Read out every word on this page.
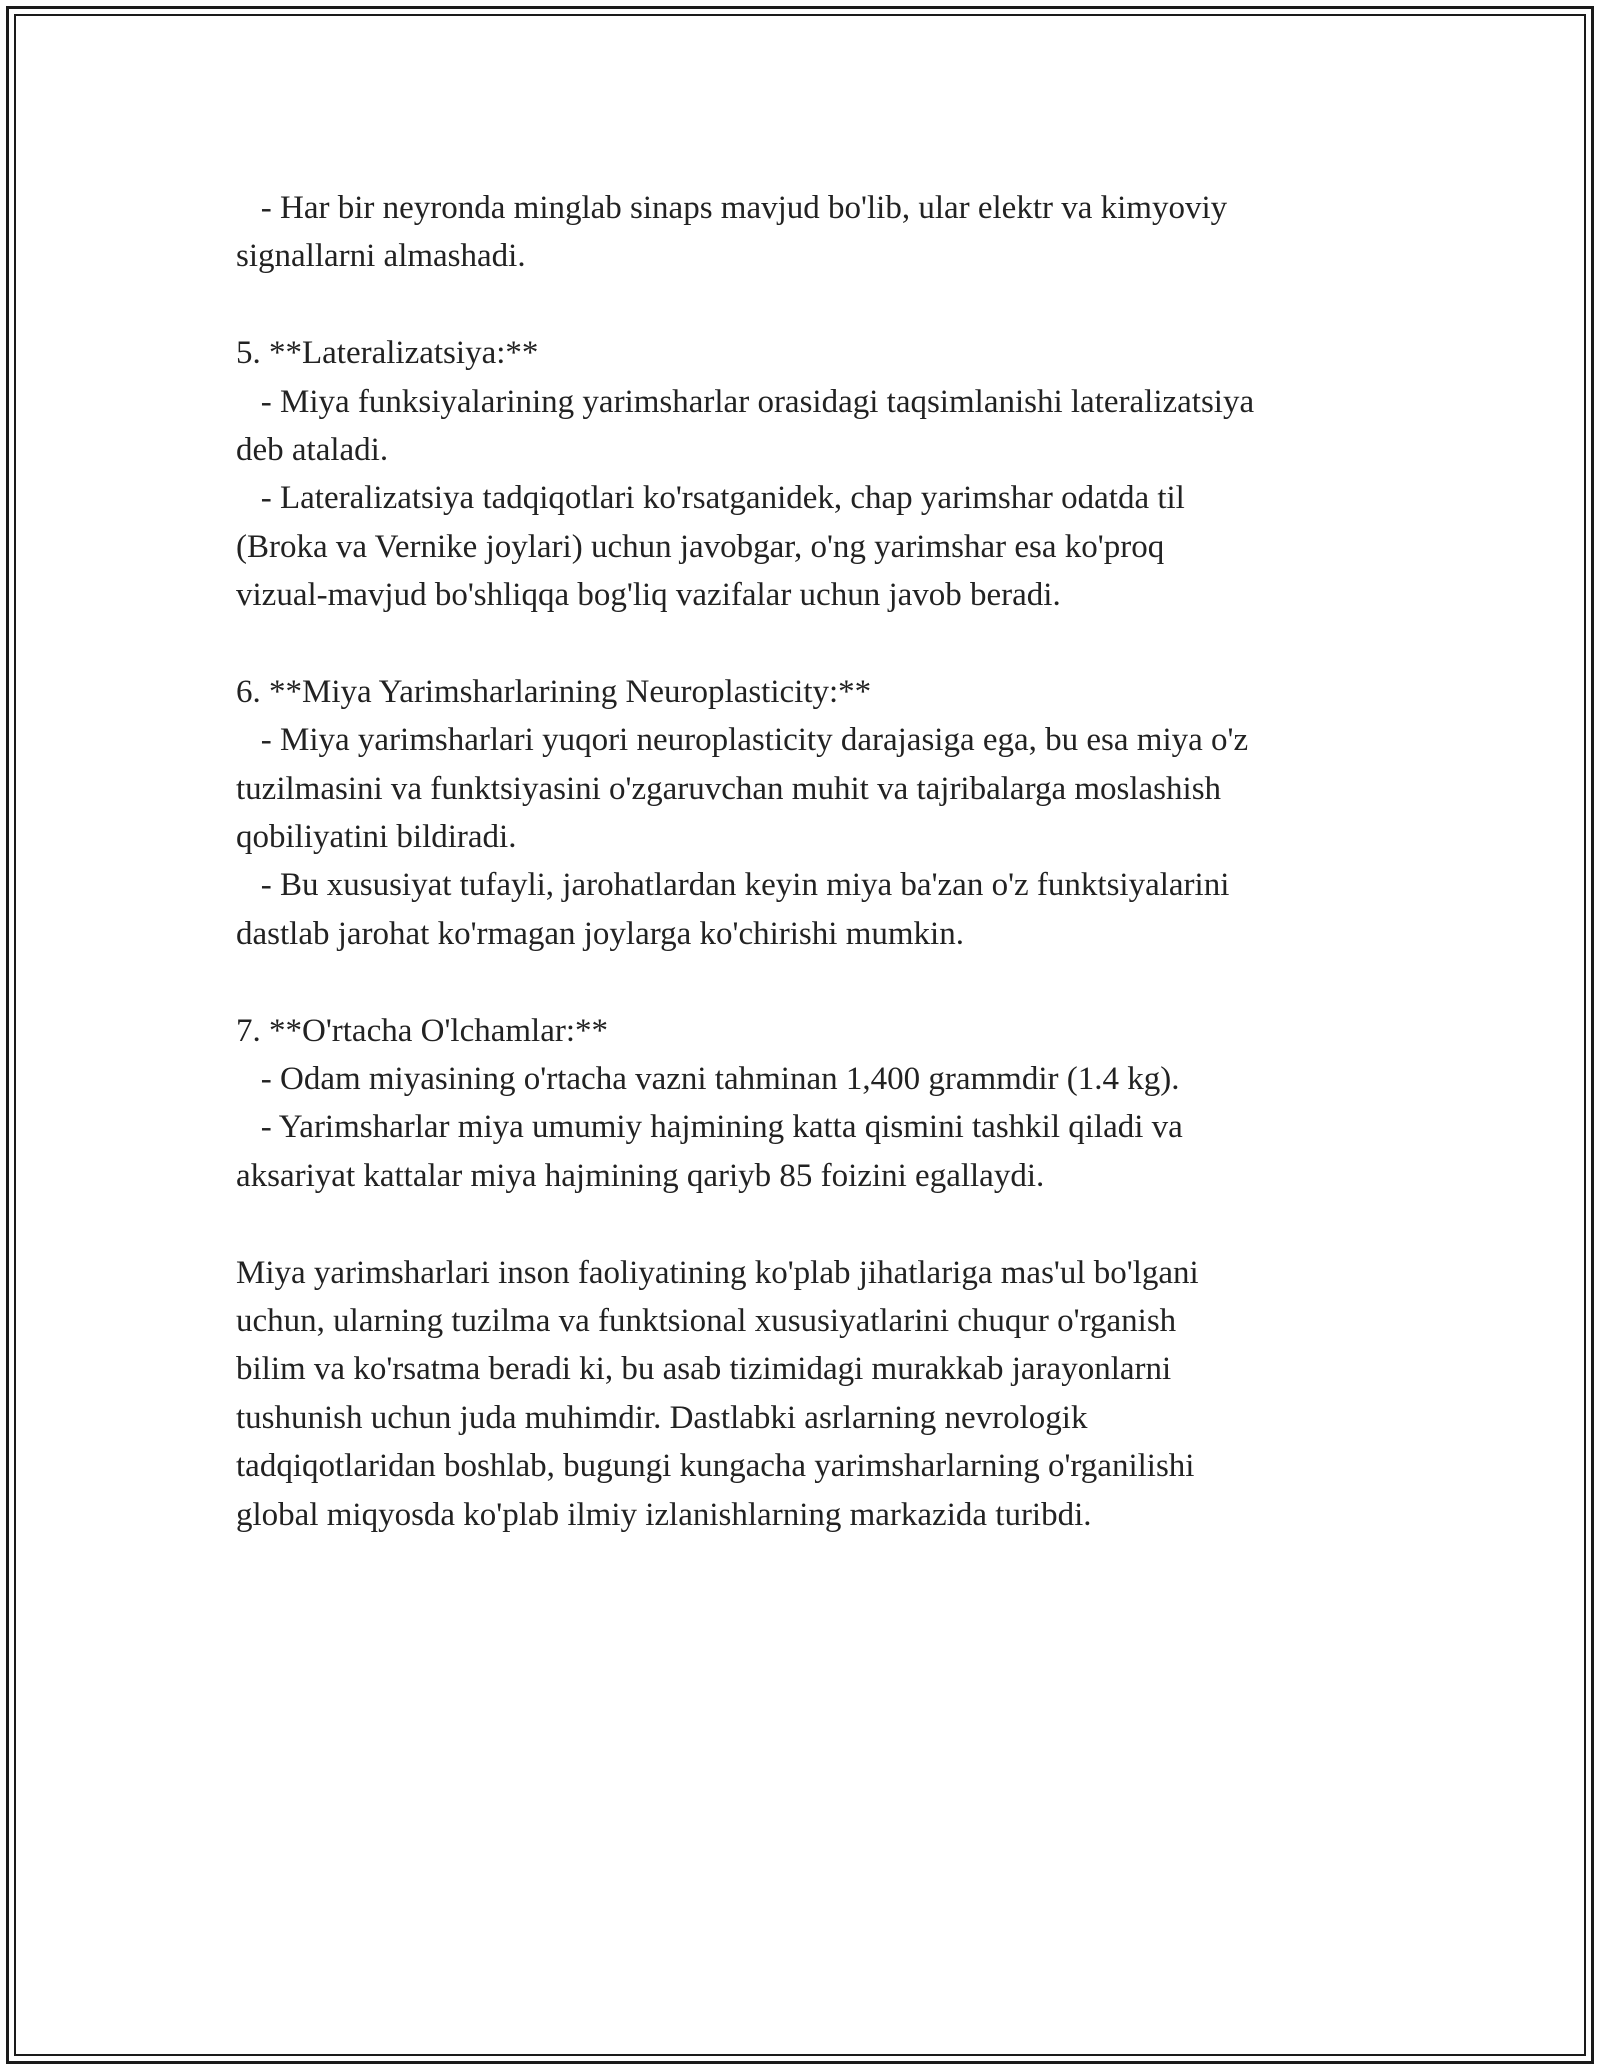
- Har bir neyronda minglab sinaps mavjud bo'lib, ular elektr va kimyoviy
signallarni almashadi.
5. **Lateralizatsiya:**
- Miya funksiyalarining yarimsharlar orasidagi taqsimlanishi lateralizatsiya
deb ataladi.
- Lateralizatsiya tadqiqotlari ko'rsatganidek, chap yarimshar odatda til
(Broka va Vernike joylari) uchun javobgar, o'ng yarimshar esa ko'proq
vizual-mavjud bo'shliqqa bog'liq vazifalar uchun javob beradi.
6. **Miya Yarimsharlarining Neuroplasticity:**
- Miya yarimsharlari yuqori neuroplasticity darajasiga ega, bu esa miya o'z
tuzilmasini va funktsiyasini o'zgaruvchan muhit va tajribalarga moslashish
qobiliyatini bildiradi.
- Bu xususiyat tufayli, jarohatlardan keyin miya ba'zan o'z funktsiyalarini
dastlab jarohat ko'rmagan joylarga ko'chirishi mumkin.
7. **O'rtacha O'lchamlar:**
- Odam miyasining o'rtacha vazni tahminan 1,400 grammdir (1.4 kg).
- Yarimsharlar miya umumiy hajmining katta qismini tashkil qiladi va
aksariyat kattalar miya hajmining qariyb 85 foizini egallaydi.
Miya yarimsharlari inson faoliyatining ko'plab jihatlariga mas'ul bo'lgani
uchun, ularning tuzilma va funktsional xususiyatlarini chuqur o'rganish
bilim va ko'rsatma beradi ki, bu asab tizimidagi murakkab jarayonlarni
tushunish uchun juda muhimdir. Dastlabki asrlarning nevrologik
tadqiqotlaridan boshlab, bugungi kungacha yarimsharlarning o'rganilishi
global miqyosda ko'plab ilmiy izlanishlarning markazida turibdi.
